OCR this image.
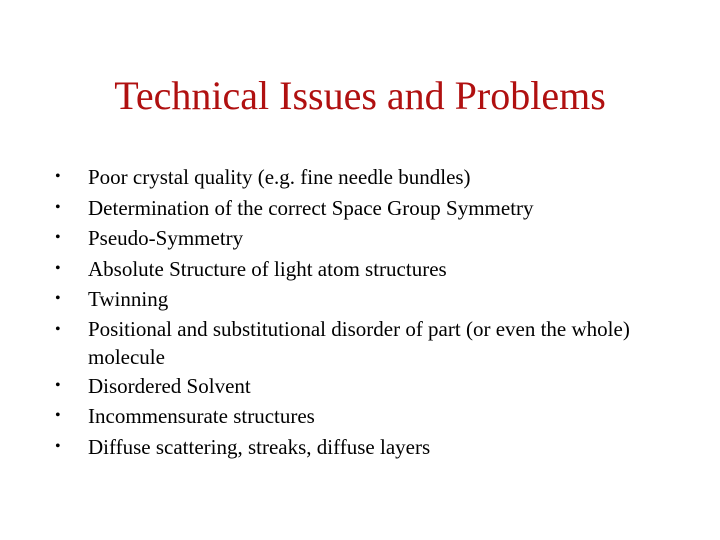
Technical Issues and Problems
•	Poor crystal quality (e.g. fine needle bundles)
•	Determination of the correct Space Group Symmetry
•	Pseudo-Symmetry
•	Absolute Structure of light atom structures
•	Twinning
•	Positional and substitutional disorder of part (or even the whole) molecule
•	Disordered Solvent
•	Incommensurate structures
•	Diffuse scattering, streaks, diffuse layers
